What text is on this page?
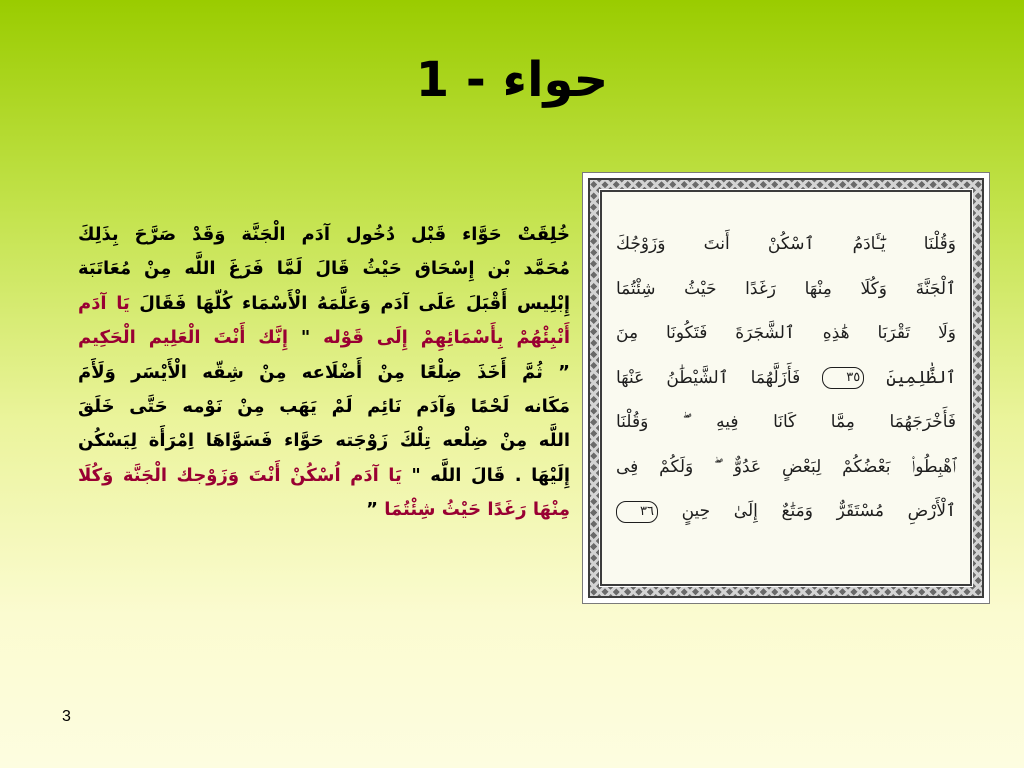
حواء - 1
خُلِقَتْ حَوَّاء قَبْل دُخُول آدَم الْجَنَّة وَقَدْ صَرَّحَ بِذَلِكَ
مُحَمَّد بْن إِسْحَاق حَيْثُ قَالَ لَمَّا فَرَغَ اللَّه مِنْ مُعَاتَبَة
إِبْلِيس أَقْبَلَ عَلَى آدَم وَعَلَّمَهُ الْأَسْمَاء كُلّهَا فَقَالَ يَا آدَم
أَنْبِئْهُمْ بِأَسْمَائِهِمْ إِلَى قَوْله " إِنَّك أَنْتَ الْعَلِيم الْحَكِيم
” ثُمَّ أَخَذَ ضِلْعًا مِنْ أَضْلَاعه مِنْ شِقّه الْأَيْسَر وَلَأَمَ
مَكَانه لَحْمًا وَآدَم نَائِم لَمْ يَهَب مِنْ نَوْمه حَتَّى خَلَقَ
اللَّه مِنْ ضِلْعه تِلْكَ زَوْجَته حَوَّاء فَسَوَّاهَا اِمْرَأَة لِيَسْكُن
إِلَيْهَا . قَالَ اللَّه " يَا آدَم اُسْكُنْ أَنْتَ وَزَوْجك الْجَنَّة وَكُلَا
مِنْهَا رَغَدًا حَيْثُ شِئْتُمَا ”
وَقُلْنَا يَٰٓـَٔادَمُ ٱسْكُنْ أَنتَ وَزَوْجُكَ
ٱلْجَنَّةَ وَكُلَا مِنْهَا رَغَدًا حَيْثُ شِئْتُمَا
وَلَا تَقْرَبَا هَٰذِهِ ٱلشَّجَرَةَ فَتَكُونَا مِنَ
ٱلظَّٰلِمِينَ ٣٥ فَأَزَلَّهُمَا ٱلشَّيْطَٰنُ عَنْهَا
فَأَخْرَجَهُمَا مِمَّا كَانَا فِيهِ ۖ وَقُلْنَا
ٱهْبِطُوا۟ بَعْضُكُمْ لِبَعْضٍ عَدُوٌّ ۖ وَلَكُمْ فِى
ٱلْأَرْضِ مُسْتَقَرٌّ وَمَتَٰعٌ إِلَىٰ حِينٍ ٣٦
3
